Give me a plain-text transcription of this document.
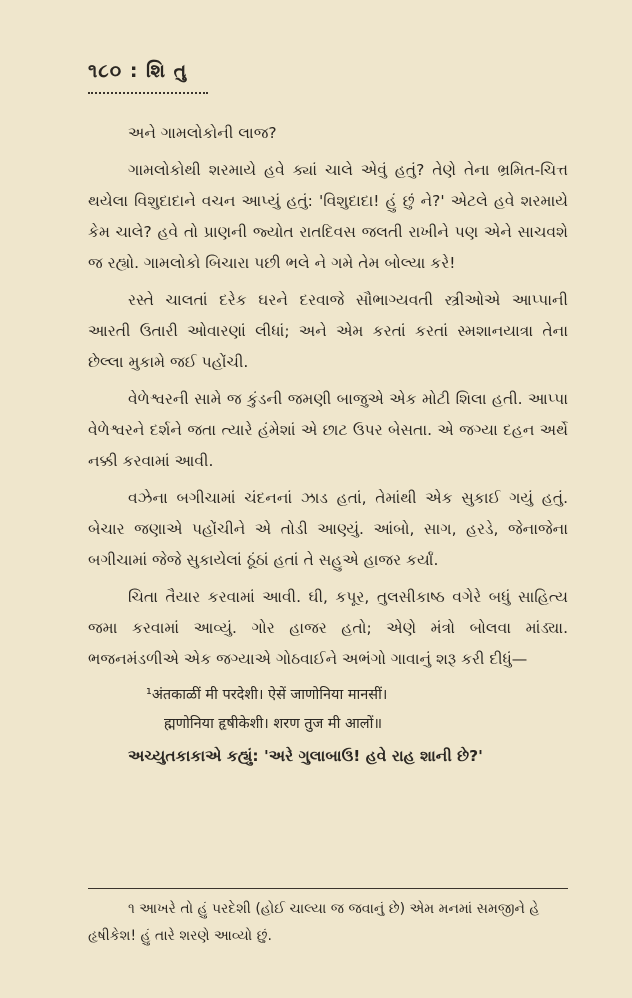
૧૮૦ : શિ તુ

અને ગામલોકોની લાજ?

ગામલોકોથી શરમાયે હવે ક્યાં ચાલે એવું હતું? તેણે તેના ભ્રમિત-ચિત્ત થયેલા વિશુદાદાને વચન આપ્યું હતું: 'વિશુદાદા! હું છું ને?' એટલે હવે શરમાયે કેમ ચાલે? હવે તો પ્રાણની જ્યોત રાતદિવસ જલતી રાખીને પણ એને સાચવશે જ રહ્યો. ગામલોકો બિચારા પછી ભલે ને ગમે તેમ બોલ્યા કરે!

રસ્તે ચાલતાં દરેક ઘરને દરવાજે સૌભાગ્યવતી સ્ત્રીઓએ આપ્પાની આરતી ઉતારી ઓવારણાં લીધાં; અને એમ કરતાં કરતાં સ્મશાનયાત્રા તેના છેલ્લા મુકામે જઈ પહોંચી.

વેળેશ્વરની સામે જ કુંડની જમણી બાજુએ એક મોટી શિલા હતી. આપ્પા વેળેશ્વરને દર્શને જતા ત્યારે હંમેશાં એ છાટ ઉપર બેસતા. એ જગ્યા દહન અર્થે નક્કી કરવામાં આવી.

વઝેના બગીચામાં ચંદનનાં ઝાડ હતાં, તેમાંથી એક સુકાઈ ગયું હતું. બેચાર જણાએ પહોંચીને એ તોડી આણ્યું. આંબો, સાગ, હરડે, જેનાજેના બગીચામાં જેજે સુકાયેલાં ઠૂંઠાં હતાં તે સહુએ હાજર કર્યાં.

ચિતા તૈયાર કરવામાં આવી. ઘી, કપૂર, તુલસીકાષ્ઠ વગેરે બધું સાહિત્ય જમા કરવામાં આવ્યું. ગોર હાજર હતો; એણે મંત્રો બોલવા માંડ્યા. ભજનમંડળીએ એક જગ્યાએ ગોઠવાઈને અભંગો ગાવાનું શરૂ કરી દીધું—

¹अंतकाळीं मी परदेशी। ऐसें जाणोनिया मानसीं।
ह्मणोनिया हृषीकेशी। शरण तुज मी आलों॥

અચ્યુતકાકાએ કહ્યું: 'અરે ગુલાબાઉ! હવે રાહ શાની છે?'

૧ આખરે તો હું પરદેશી (હોઈ ચાલ્યા જ જવાનું છે) એમ મનમાં સમજીને હે હૃષીકેશ! હું તારે શરણે આવ્યો છું.
